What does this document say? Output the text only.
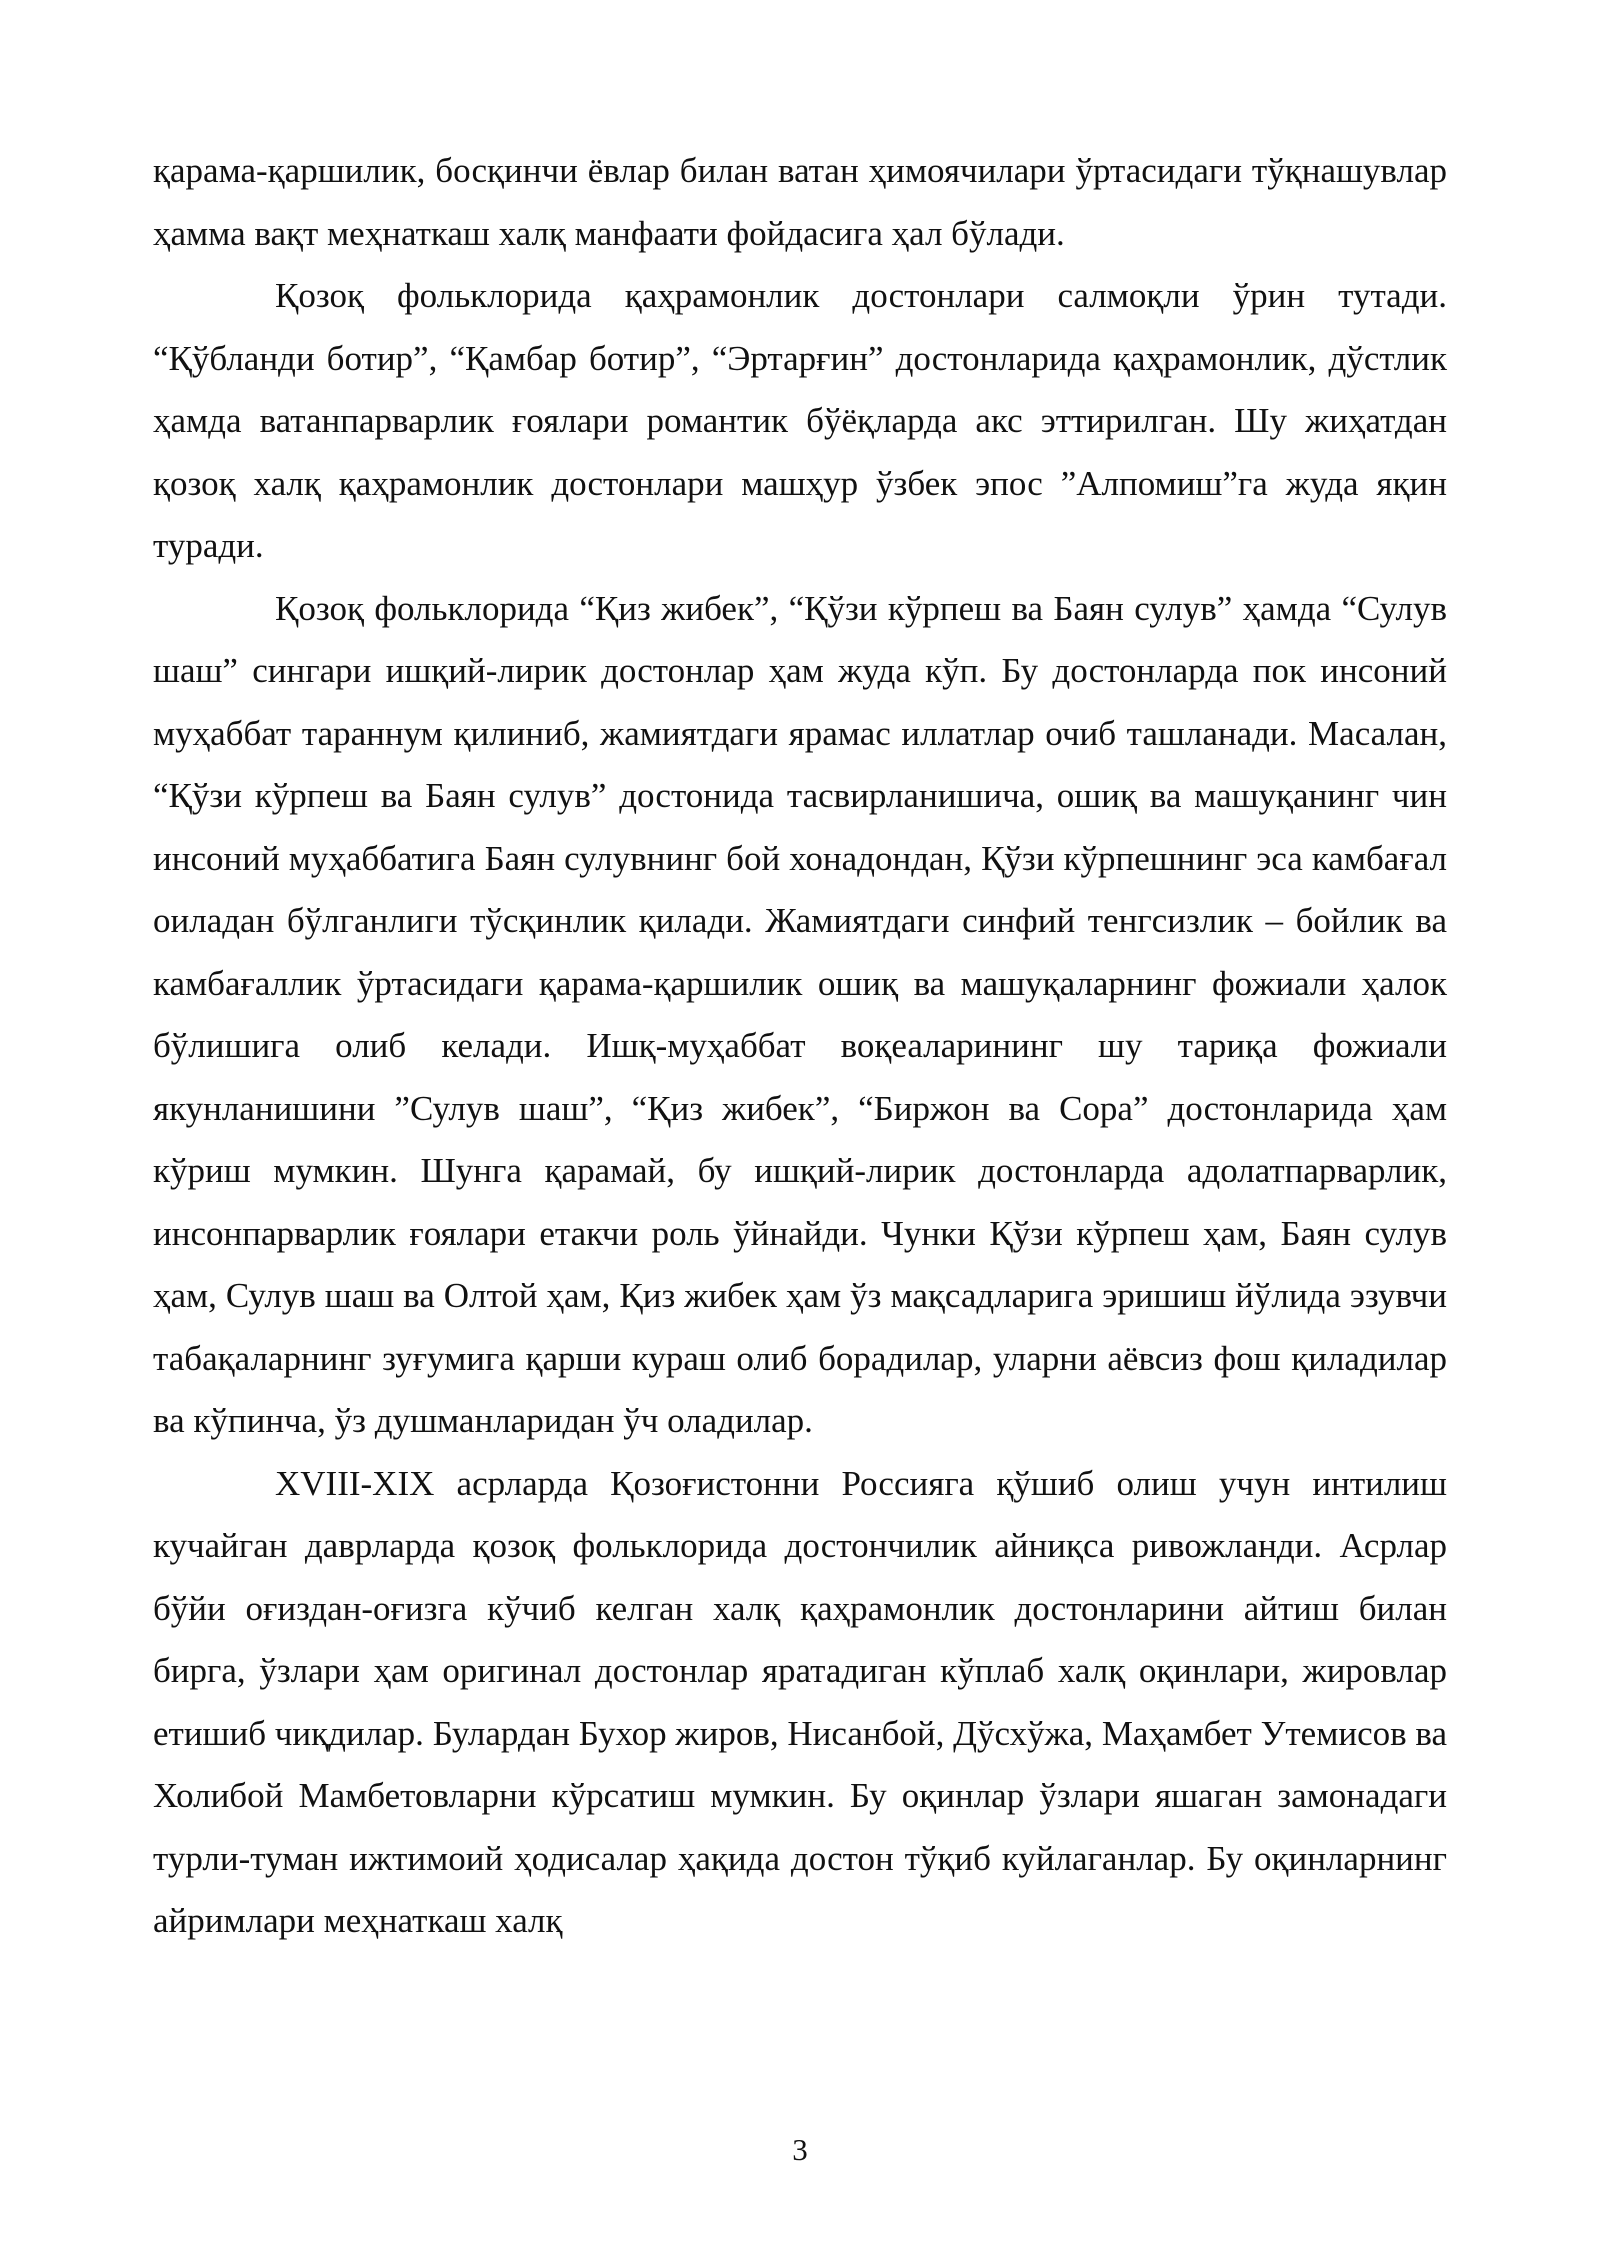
қарама-қаршилик, босқинчи ёвлар билан ватан ҳимоячилари ўртасидаги тўқнашувлар ҳамма вақт меҳнаткаш халқ манфаати фойдасига ҳал бўлади.

Қозоқ фольклорида қаҳрамонлик достонлари салмоқли ўрин тутади. “Қўбланди ботир”, “Қамбар ботир”, “Эртарғин” достонларида қаҳрамонлик, дўстлик ҳамда ватанпарварлик ғоялари романтик бўёқларда акс эттирилган. Шу жиҳатдан қозоқ халқ қаҳрамонлик достонлари машҳур ўзбек эпос ”Алпомиш”га жуда яқин туради.

Қозоқ фольклорида “Қиз жибек”, “Қўзи кўрпеш ва Баян сулув” ҳамда “Сулув шаш” сингари ишқий-лирик достонлар ҳам жуда кўп. Бу достонларда пок инсоний муҳаббат тараннум қилиниб, жамиятдаги ярамас иллатлар очиб ташланади. Масалан, “Қўзи кўрпеш ва Баян сулув” достонида тасвирланишича, ошиқ ва машуқанинг чин инсоний муҳаббатига Баян сулувнинг бой хонадондан, Қўзи кўрпешнинг эса камбағал оиладан бўлганлиги тўсқинлик қилади. Жамиятдаги синфий тенгсизлик – бойлик ва камбағаллик ўртасидаги қарама-қаршилик ошиқ ва машуқаларнинг фожиали ҳалок бўлишига олиб келади. Ишқ-муҳаббат воқеаларининг шу тариқа фожиали якунланишини ”Сулув шаш”, “Қиз жибек”, “Биржон ва Сора” достонларида ҳам кўриш мумкин. Шунга қарамай, бу ишқий-лирик достонларда адолатпарварлик, инсонпарварлик ғоялари етакчи роль ўйнайди. Чунки Қўзи кўрпеш ҳам, Баян сулув ҳам, Сулув шаш ва Олтой ҳам, Қиз жибек ҳам ўз мақсадларига эришиш йўлида эзувчи табақаларнинг зуғумига қарши кураш олиб борадилар, уларни аёвсиз фош қиладилар ва кўпинча, ўз душманларидан ўч оладилар.

XVIII-XIX асрларда Қозоғистонни Россияга қўшиб олиш учун интилиш кучайган даврларда қозоқ фольклорида достончилик айниқса ривожланди. Асрлар бўйи оғиздан-оғизга кўчиб келган халқ қаҳрамонлик достонларини айтиш билан бирга, ўзлари ҳам оригинал достонлар яратадиган кўплаб халқ оқинлари, жировлар етишиб чиқдилар. Булардан Бухор жиров, Нисанбой, Дўсхўжа, Маҳамбет Утемисов ва Холибой Мамбетовларни кўрсатиш мумкин. Бу оқинлар ўзлари яшаган замонадаги турли-туман ижтимоий ҳодисалар ҳақида достон тўқиб куйлаганлар. Бу оқинларнинг айримлари меҳнаткаш халқ

3
